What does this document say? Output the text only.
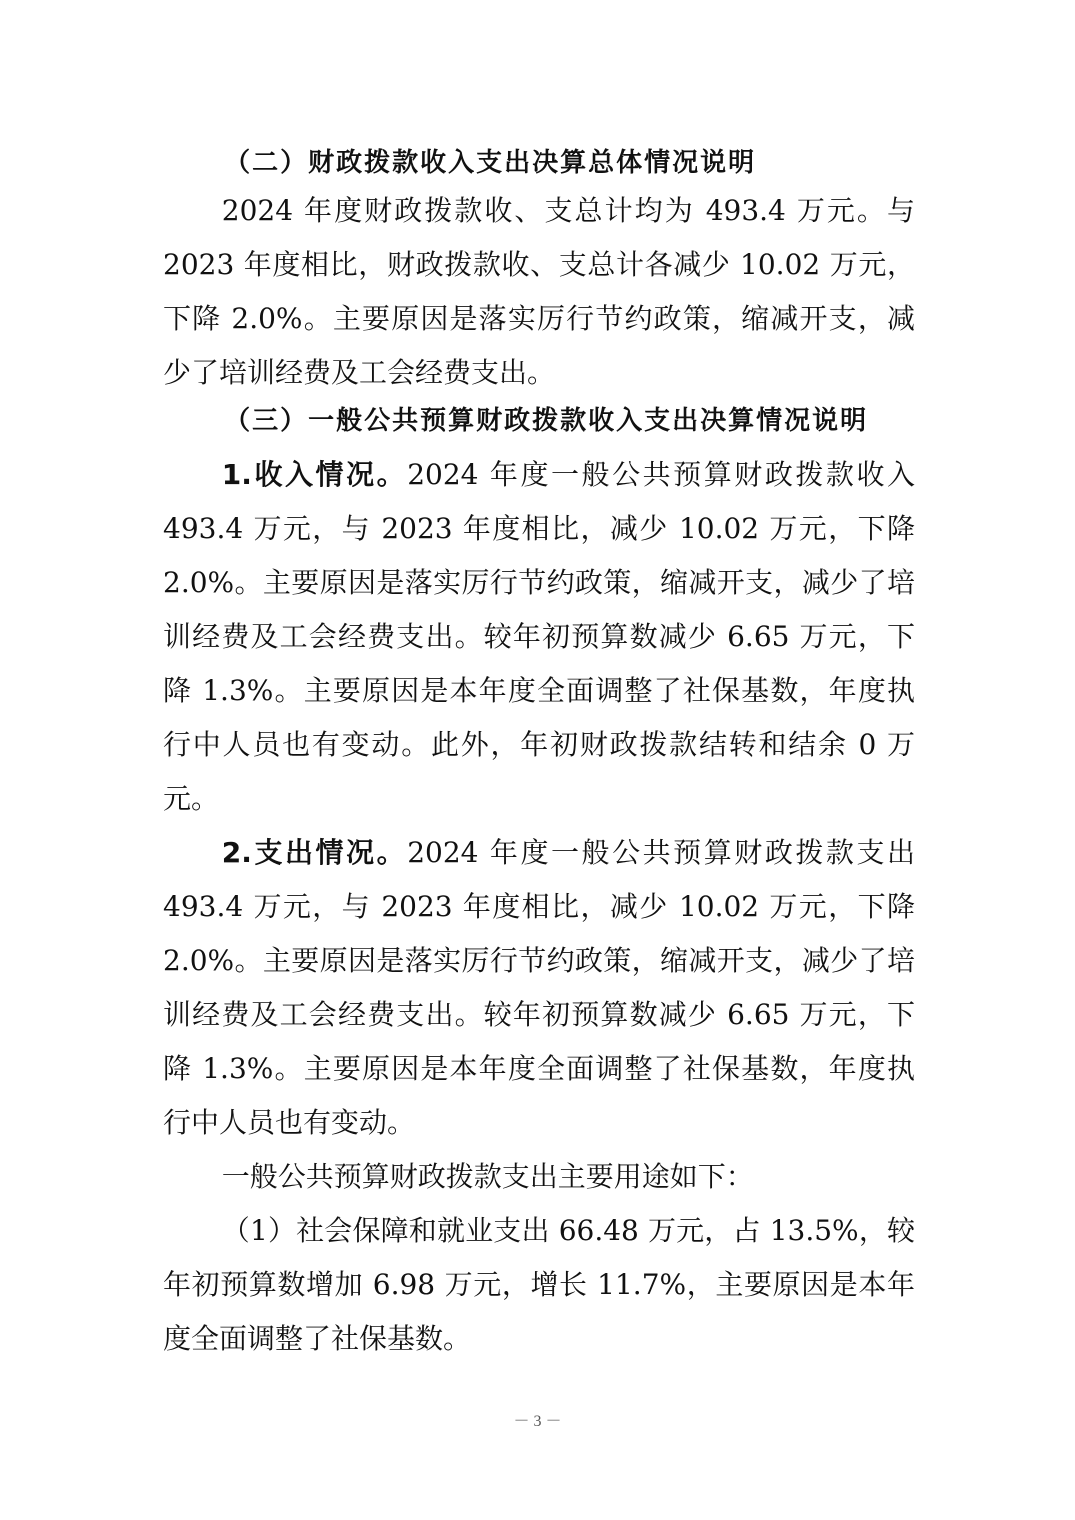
（二）财政拨款收入支出决算总体情况说明

2024 年度财政拨款收、支总计均为 493.4 万元。与 2023 年度相比，财政拨款收、支总计各减少 10.02 万元，下降 2.0%。主要原因是落实厉行节约政策，缩减开支，减少了培训经费及工会经费支出。

（三）一般公共预算财政拨款收入支出决算情况说明

1.收入情况。2024 年度一般公共预算财政拨款收入 493.4 万元，与 2023 年度相比，减少 10.02 万元，下降 2.0%。主要原因是落实厉行节约政策，缩减开支，减少了培训经费及工会经费支出。较年初预算数减少 6.65 万元，下降 1.3%。主要原因是本年度全面调整了社保基数，年度执行中人员也有变动。此外，年初财政拨款结转和结余 0 万元。

2.支出情况。2024 年度一般公共预算财政拨款支出 493.4 万元，与 2023 年度相比，减少 10.02 万元，下降 2.0%。主要原因是落实厉行节约政策，缩减开支，减少了培训经费及工会经费支出。较年初预算数减少 6.65 万元，下降 1.3%。主要原因是本年度全面调整了社保基数，年度执行中人员也有变动。

一般公共预算财政拨款支出主要用途如下：

（1）社会保障和就业支出 66.48 万元，占 13.5%，较年初预算数增加 6.98 万元，增长 11.7%，主要原因是本年度全面调整了社保基数。

－ 3 －
